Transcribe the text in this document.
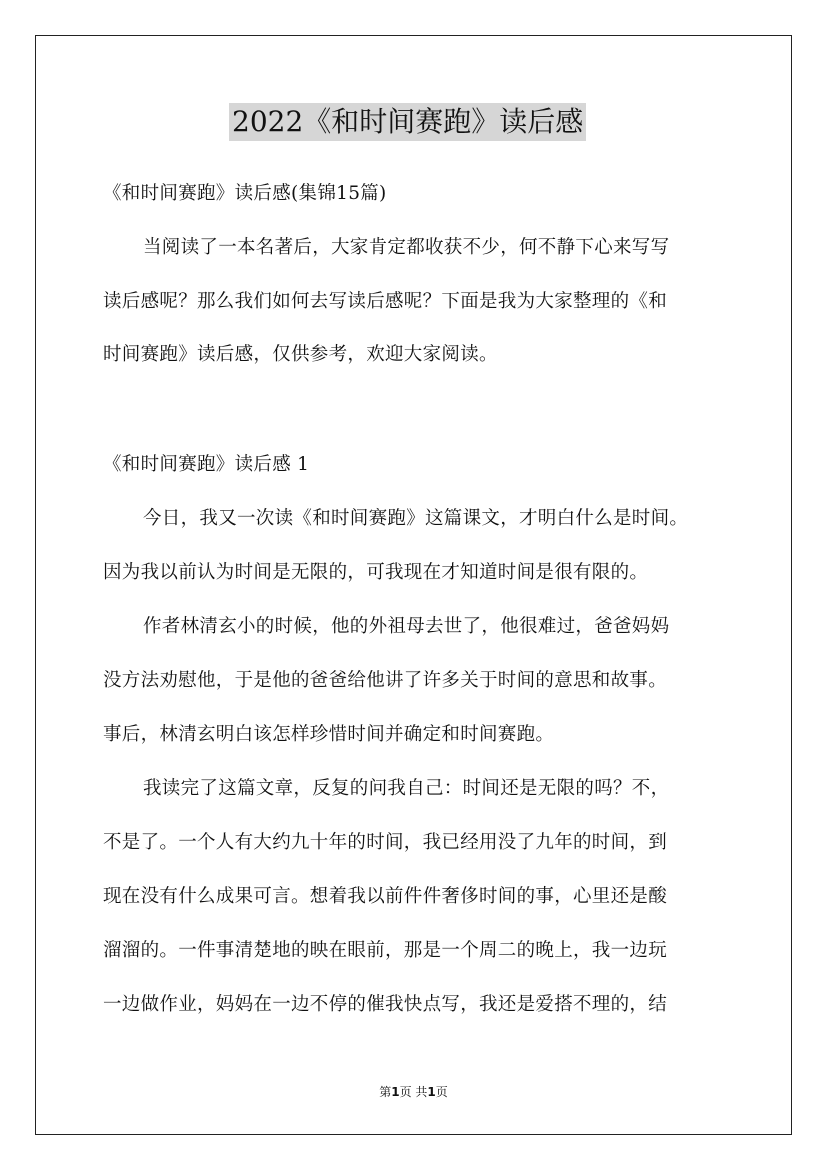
2022《和时间赛跑》读后感
《和时间赛跑》读后感(集锦15篇)
当阅读了一本名著后，大家肯定都收获不少，何不静下心来写写
读后感呢？那么我们如何去写读后感呢？下面是我为大家整理的《和
时间赛跑》读后感，仅供参考，欢迎大家阅读。
《和时间赛跑》读后感 1
今日，我又一次读《和时间赛跑》这篇课文，才明白什么是时间。
因为我以前认为时间是无限的，可我现在才知道时间是很有限的。
作者林清玄小的时候，他的外祖母去世了，他很难过，爸爸妈妈
没方法劝慰他，于是他的爸爸给他讲了许多关于时间的意思和故事。
事后，林清玄明白该怎样珍惜时间并确定和时间赛跑。
我读完了这篇文章，反复的问我自己：时间还是无限的吗？不，
不是了。一个人有大约九十年的时间，我已经用没了九年的时间，到
现在没有什么成果可言。想着我以前件件奢侈时间的事，心里还是酸
溜溜的。一件事清楚地的映在眼前，那是一个周二的晚上，我一边玩
一边做作业，妈妈在一边不停的催我快点写，我还是爱搭不理的，结
第1页 共1页
